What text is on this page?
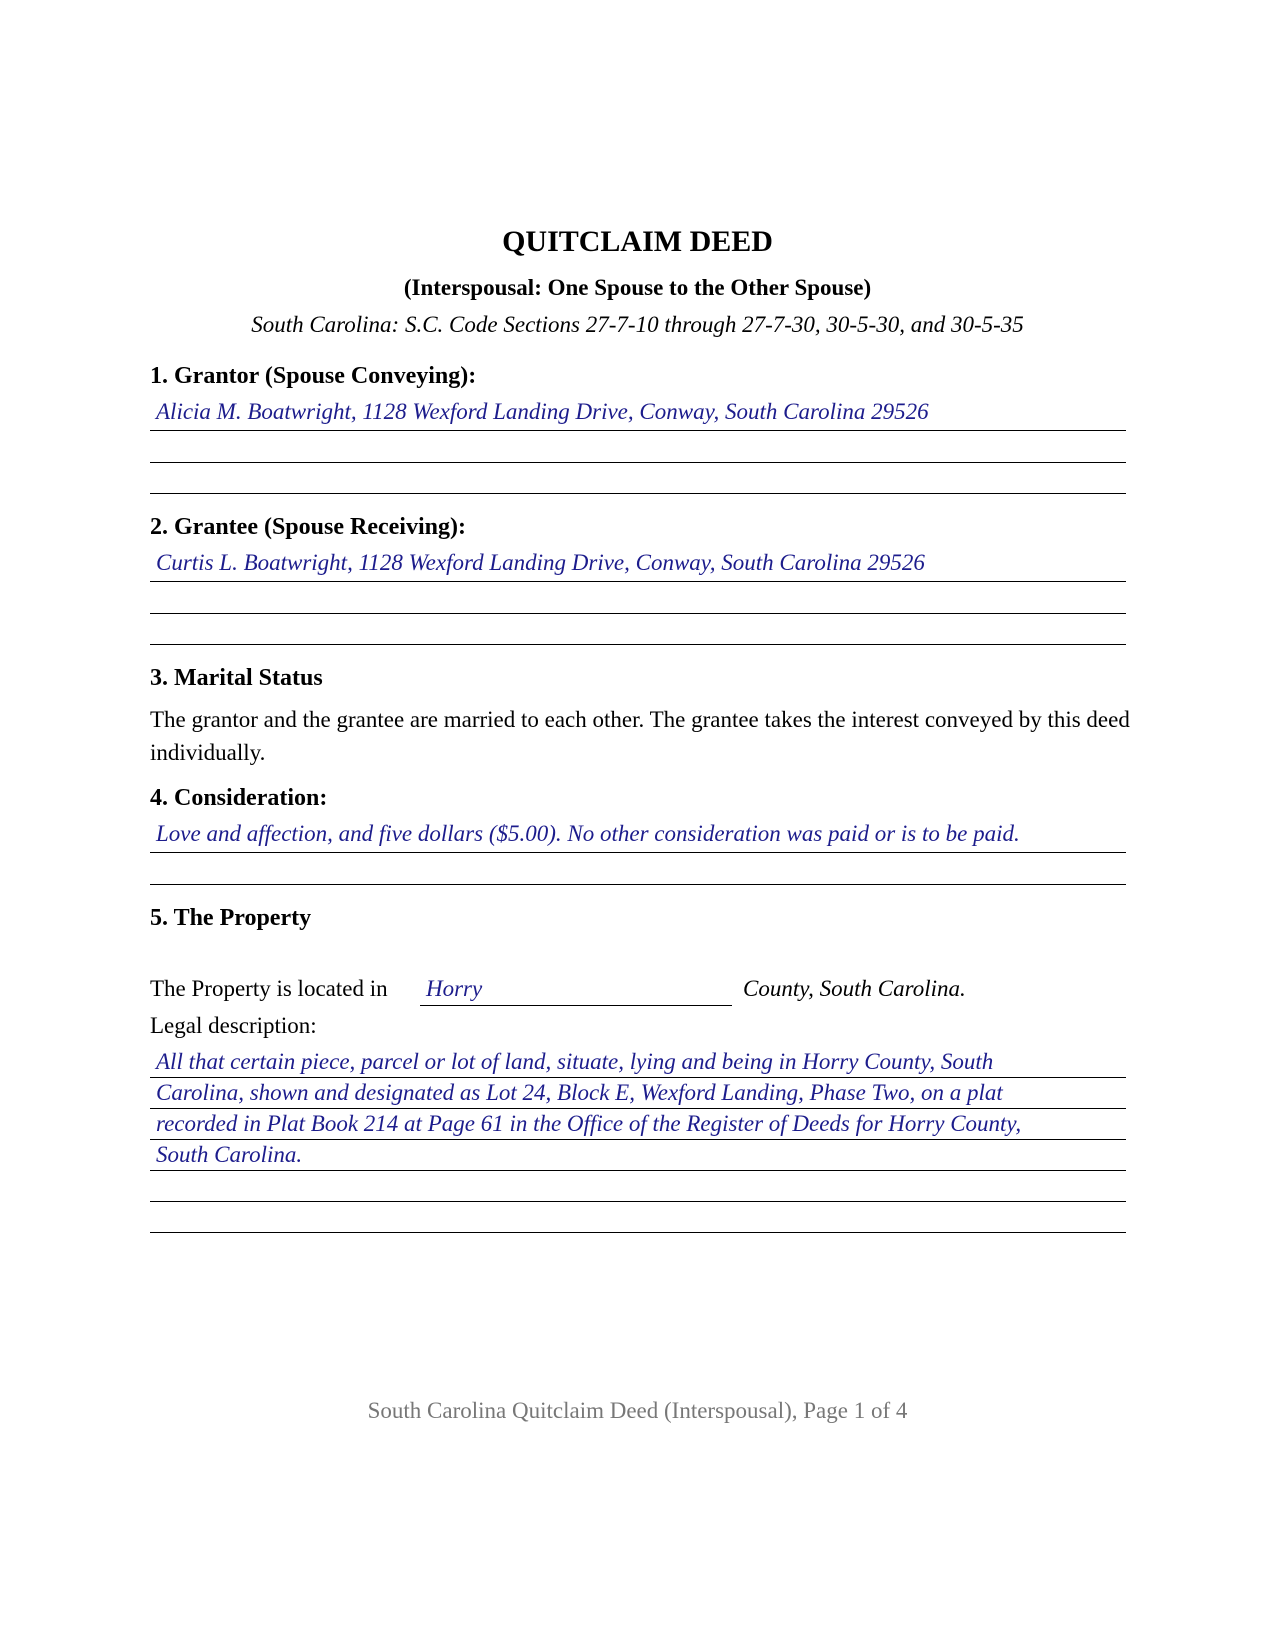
QUITCLAIM DEED
(Interspousal: One Spouse to the Other Spouse)
South Carolina: S.C. Code Sections 27-7-10 through 27-7-30, 30-5-30, and 30-5-35
1. Grantor (Spouse Conveying):
Alicia M. Boatwright, 1128 Wexford Landing Drive, Conway, South Carolina 29526
2. Grantee (Spouse Receiving):
Curtis L. Boatwright, 1128 Wexford Landing Drive, Conway, South Carolina 29526
3. Marital Status
The grantor and the grantee are married to each other. The grantee takes the interest conveyed by this deed individually.
4. Consideration:
Love and affection, and five dollars ($5.00). No other consideration was paid or is to be paid.
5. The Property
The Property is located in Horry	County, South Carolina.
Legal description:
All that certain piece, parcel or lot of land, situate, lying and being in Horry County, South
Carolina, shown and designated as Lot 24, Block E, Wexford Landing, Phase Two, on a plat
recorded in Plat Book 214 at Page 61 in the Office of the Register of Deeds for Horry County,
South Carolina.
South Carolina Quitclaim Deed (Interspousal), Page 1 of 4
